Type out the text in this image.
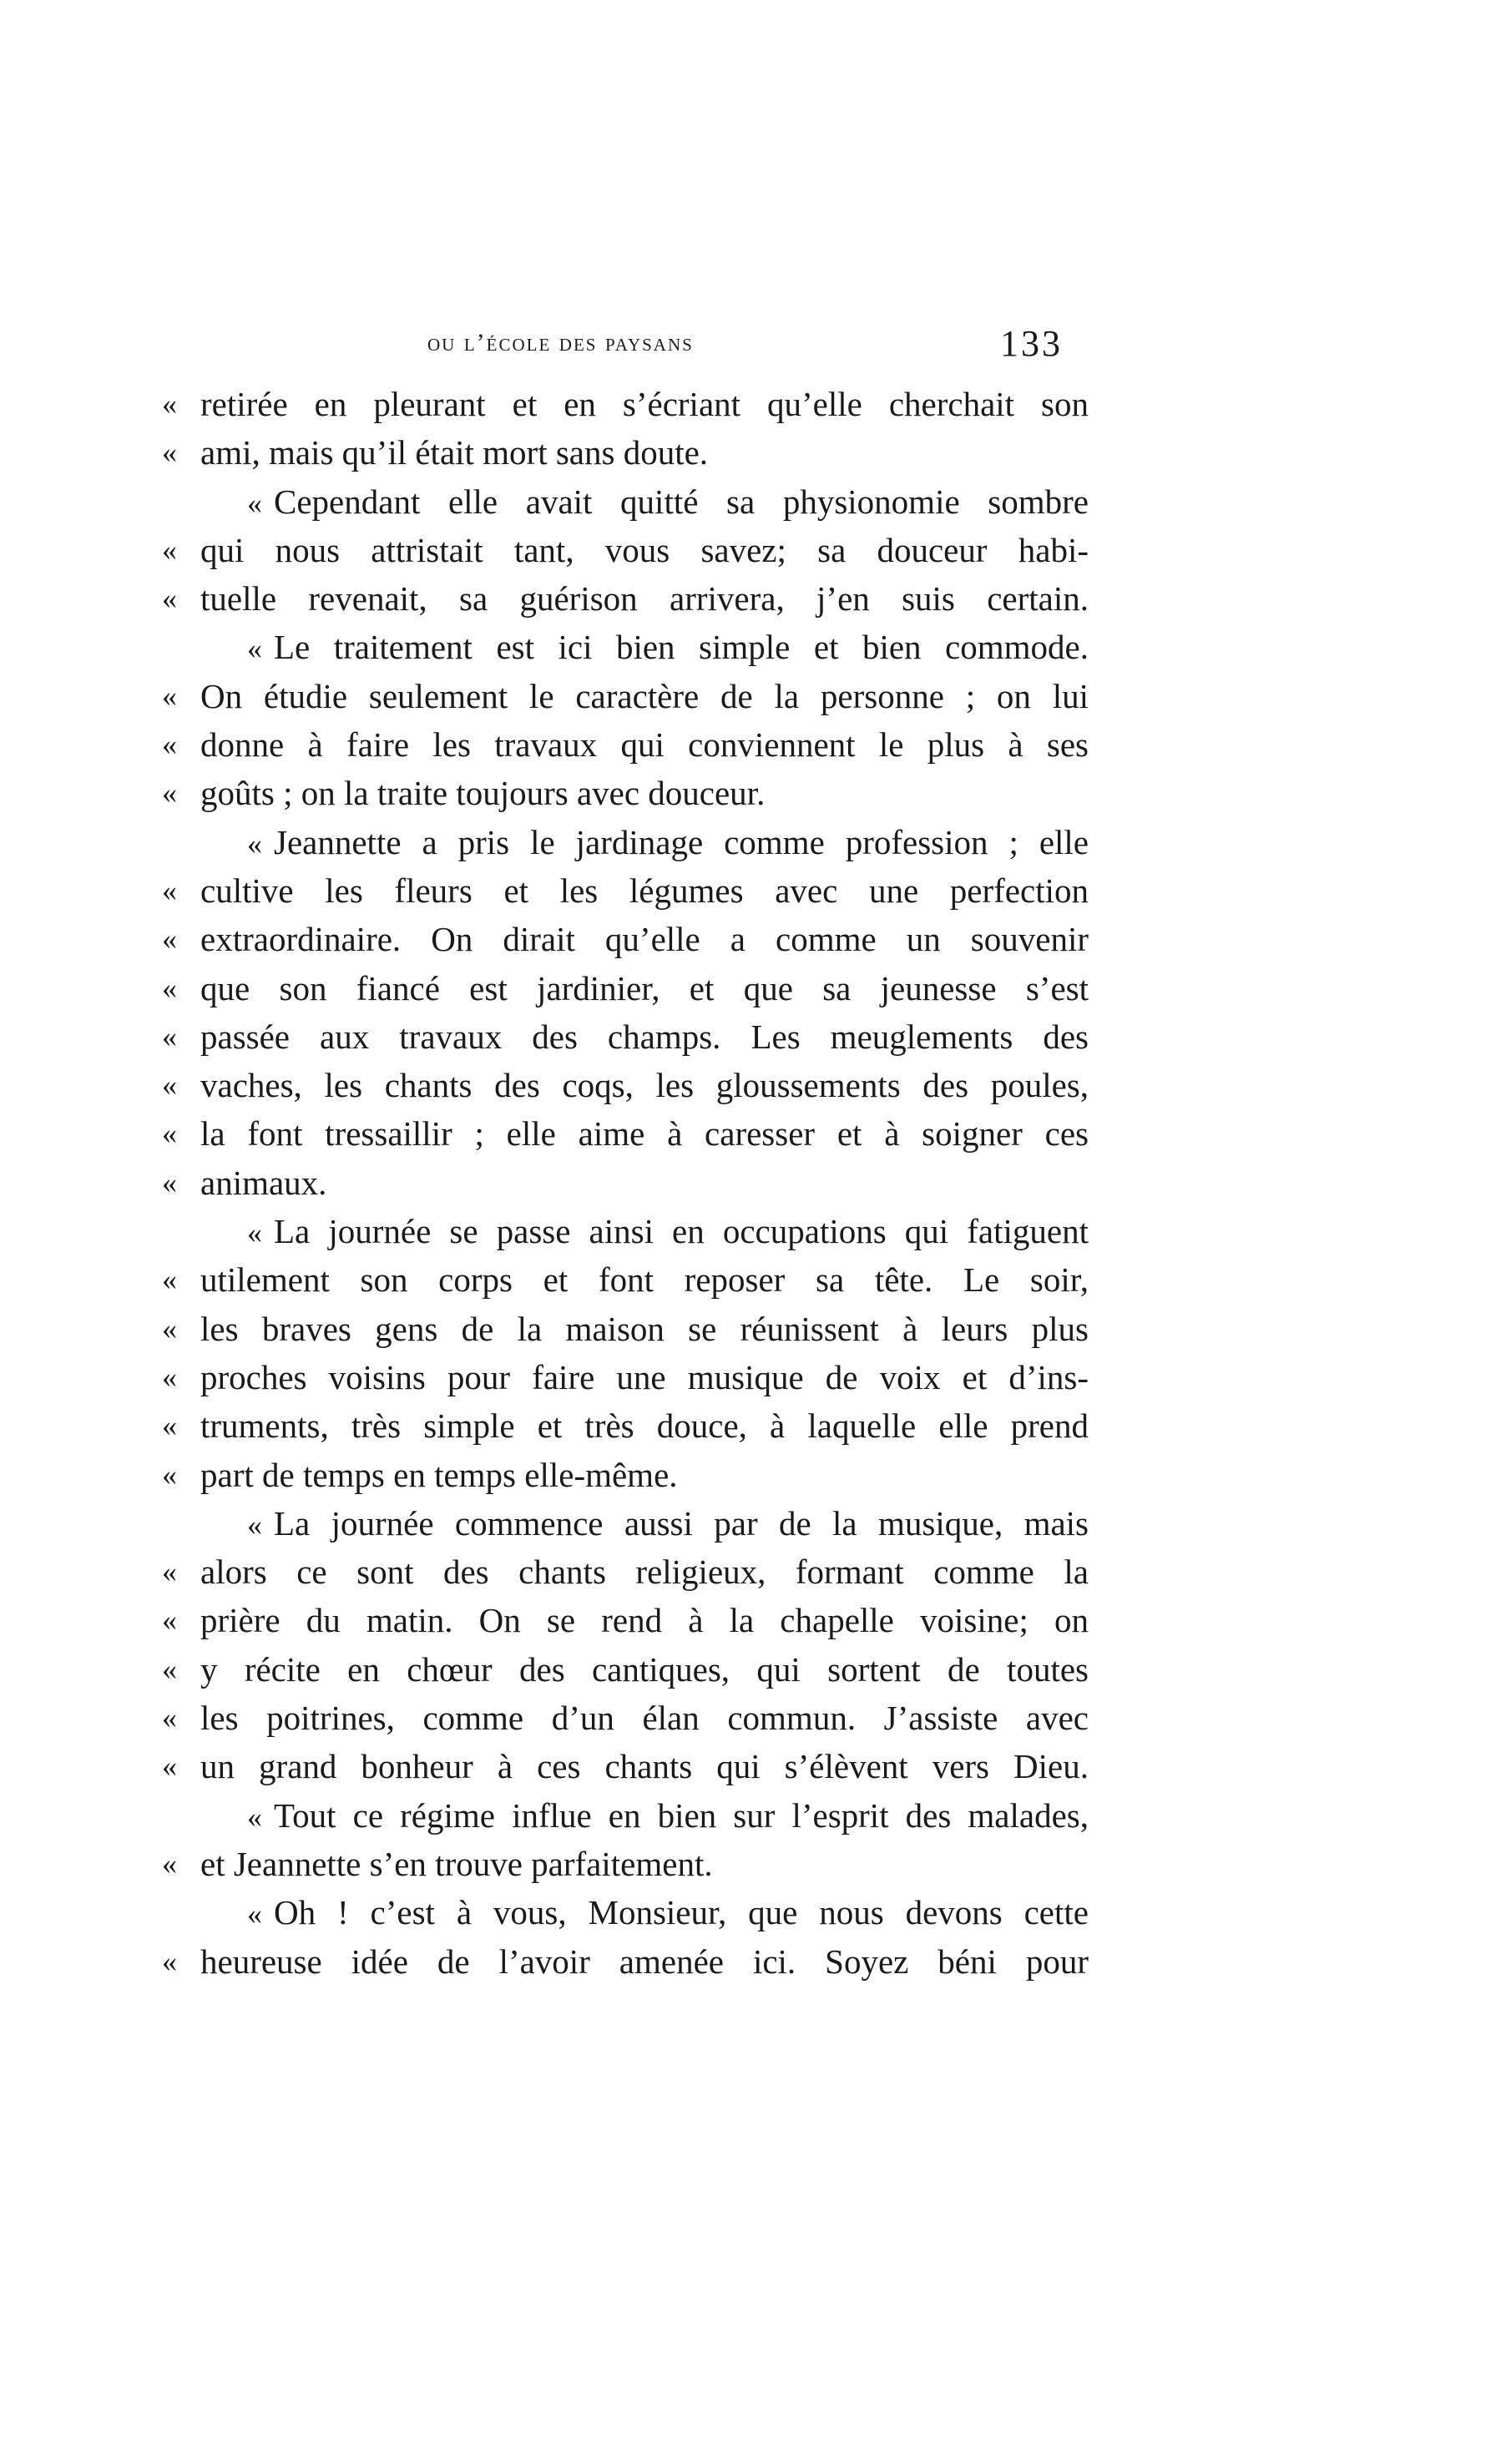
ou l’école des paysans	133
« retirée en pleurant et en s’écriant qu’elle cherchait son
« ami, mais qu’il était mort sans doute.
« Cependant elle avait quitté sa physionomie sombre
« qui nous attristait tant, vous savez; sa douceur habi-
« tuelle revenait, sa guérison arrivera, j’en suis certain.
« Le traitement est ici bien simple et bien commode.
« On étudie seulement le caractère de la personne ; on lui
« donne à faire les travaux qui conviennent le plus à ses
« goûts ; on la traite toujours avec douceur.
« Jeannette a pris le jardinage comme profession ; elle
« cultive les fleurs et les légumes avec une perfection
« extraordinaire. On dirait qu’elle a comme un souvenir
« que son fiancé est jardinier, et que sa jeunesse s’est
« passée aux travaux des champs. Les meuglements des
« vaches, les chants des coqs, les gloussements des poules,
« la font tressaillir ; elle aime à caresser et à soigner ces
« animaux.
« La journée se passe ainsi en occupations qui fatiguent
« utilement son corps et font reposer sa tête. Le soir,
« les braves gens de la maison se réunissent à leurs plus
« proches voisins pour faire une musique de voix et d’ins-
« truments, très simple et très douce, à laquelle elle prend
« part de temps en temps elle-même.
« La journée commence aussi par de la musique, mais
« alors ce sont des chants religieux, formant comme la
« prière du matin. On se rend à la chapelle voisine; on
« y récite en chœur des cantiques, qui sortent de toutes
« les poitrines, comme d’un élan commun. J’assiste avec
« un grand bonheur à ces chants qui s’élèvent vers Dieu.
« Tout ce régime influe en bien sur l’esprit des malades,
« et Jeannette s’en trouve parfaitement.
« Oh ! c’est à vous, Monsieur, que nous devons cette
« heureuse idée de l’avoir amenée ici. Soyez béni pour
